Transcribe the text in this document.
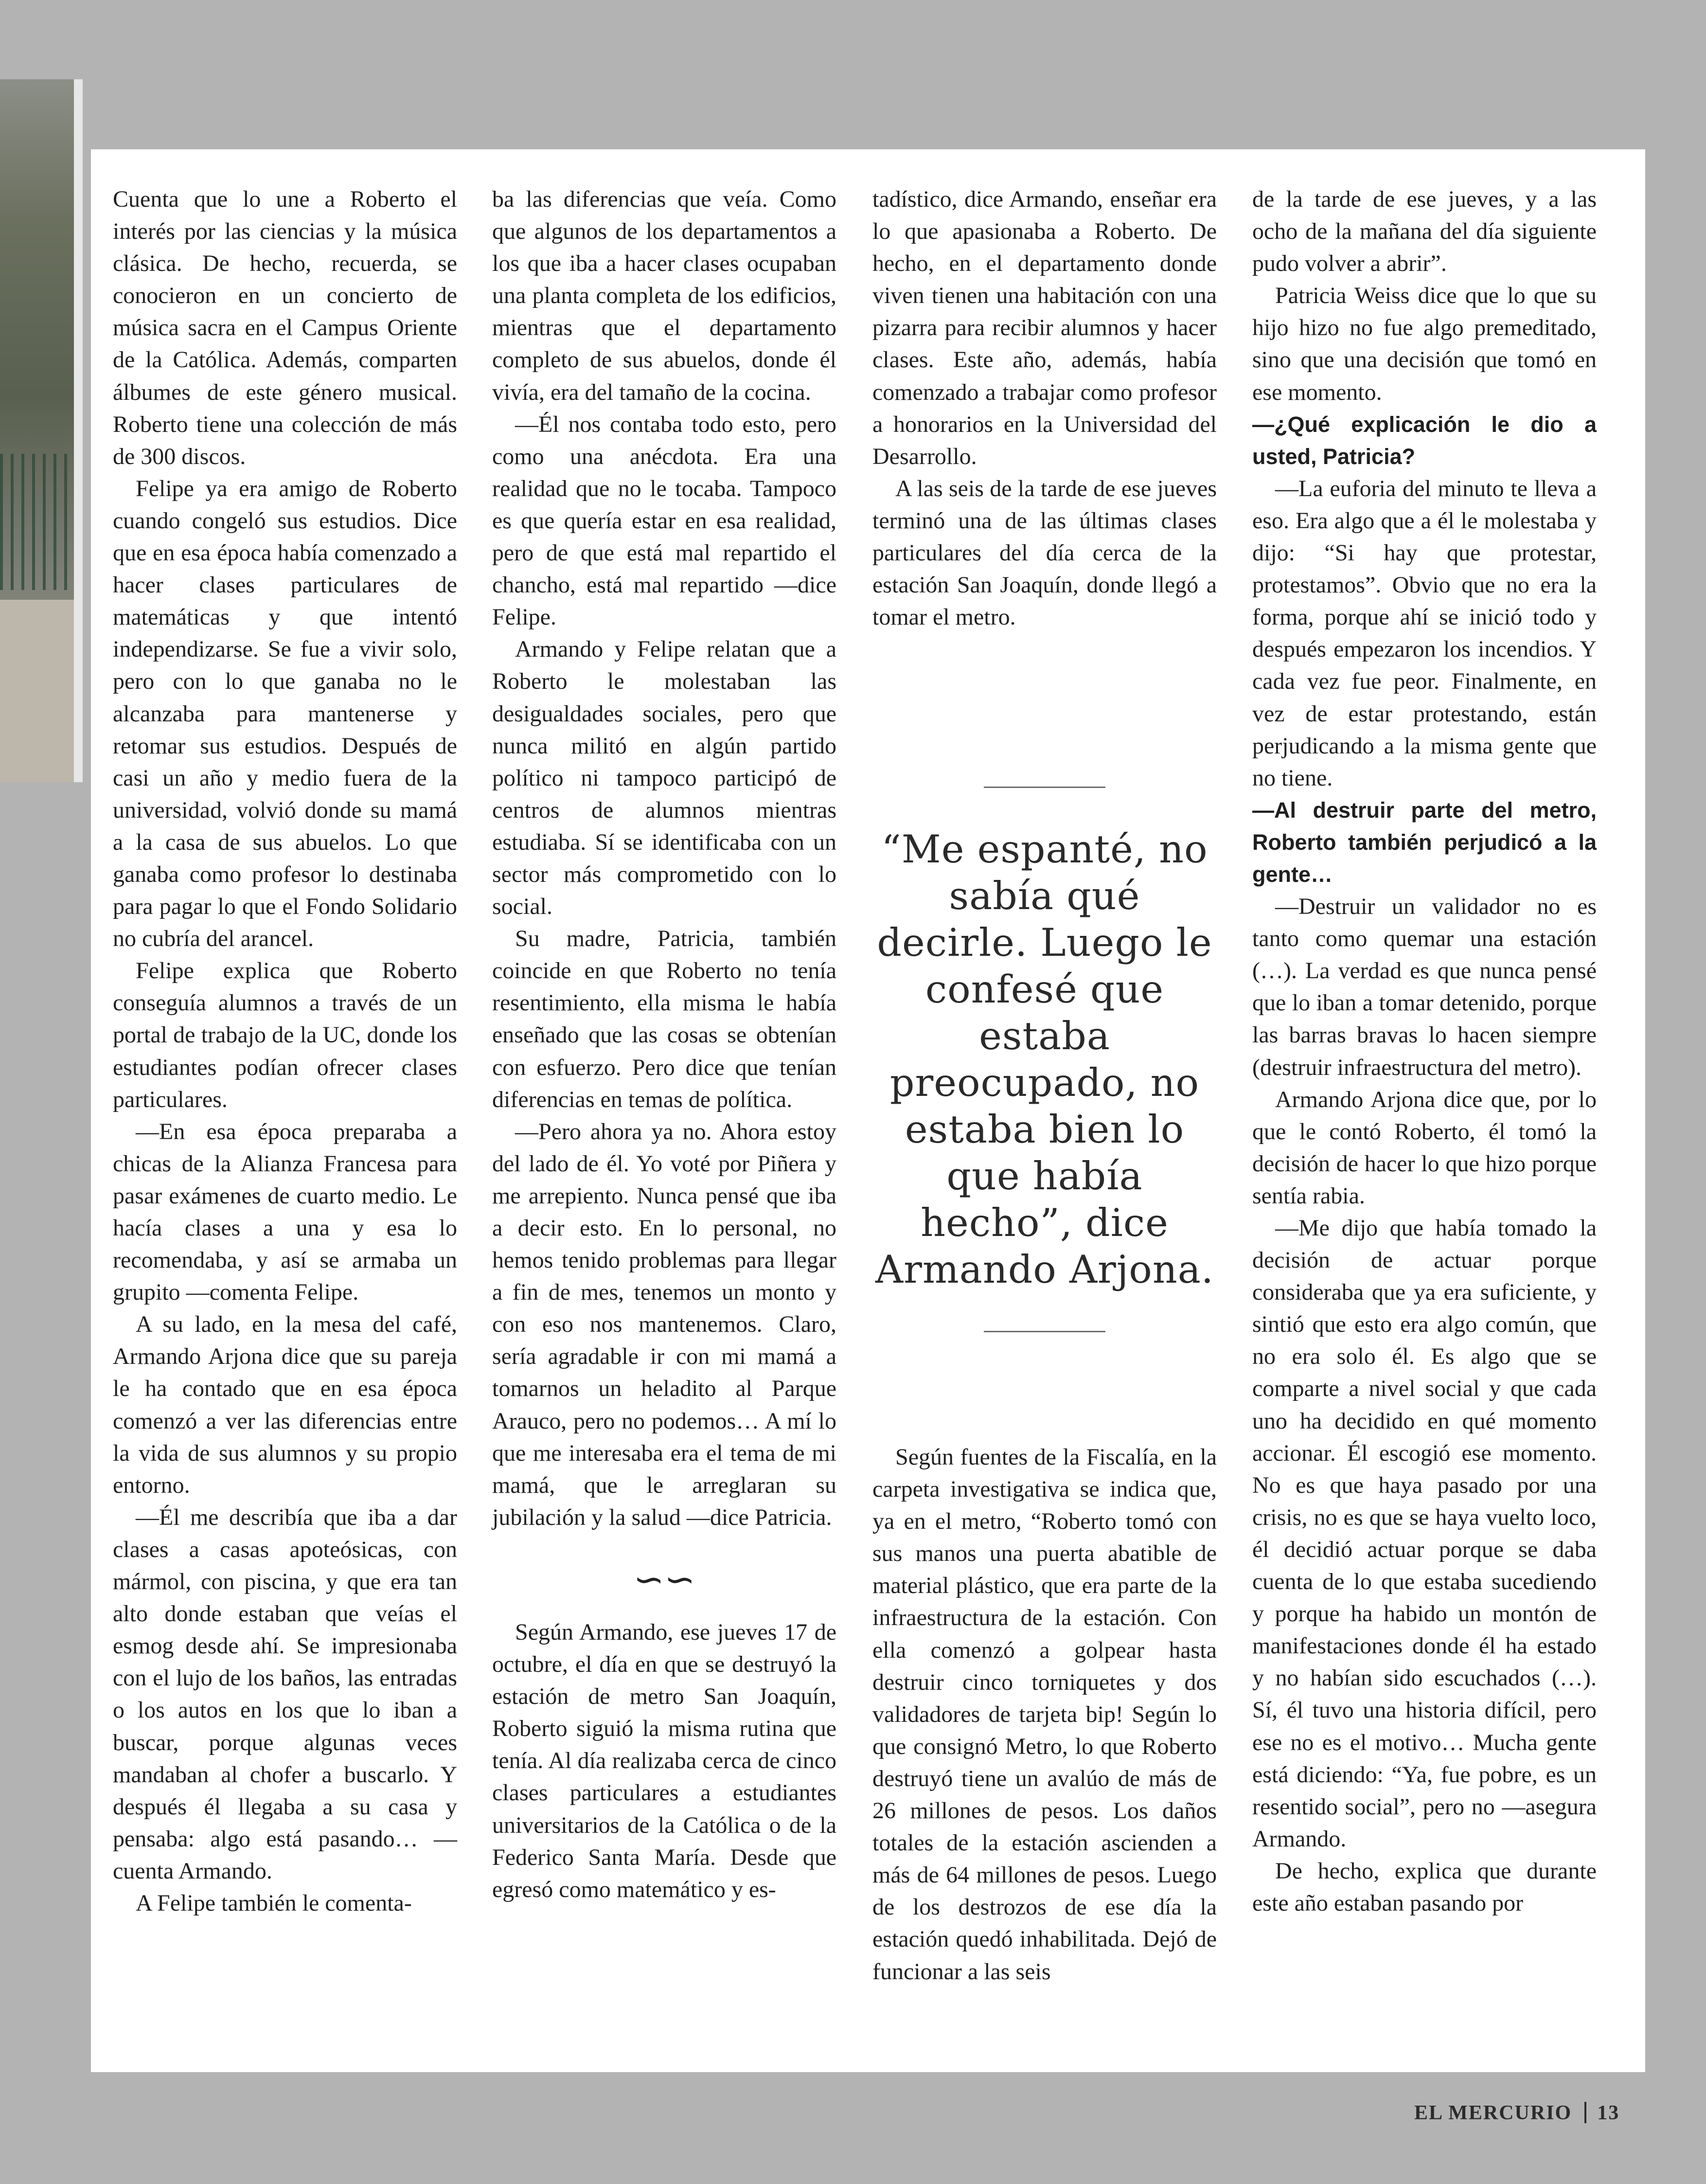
Cuenta que lo une a Roberto el interés por las ciencias y la música clásica. De hecho, recuerda, se conocieron en un concierto de música sacra en el Campus Oriente de la Católica. Además, comparten álbumes de este género musical. Roberto tiene una colección de más de 300 discos.

Felipe ya era amigo de Roberto cuando congeló sus estudios. Dice que en esa época había comenzado a hacer clases particulares de matemáticas y que intentó independizarse. Se fue a vivir solo, pero con lo que ganaba no le alcanzaba para mantenerse y retomar sus estudios. Después de casi un año y medio fuera de la universidad, volvió donde su mamá a la casa de sus abuelos. Lo que ganaba como profesor lo destinaba para pagar lo que el Fondo Solidario no cubría del arancel.

Felipe explica que Roberto conseguía alumnos a través de un portal de trabajo de la UC, donde los estudiantes podían ofrecer clases particulares.

—En esa época preparaba a chicas de la Alianza Francesa para pasar exámenes de cuarto medio. Le hacía clases a una y esa lo recomendaba, y así se armaba un grupito —comenta Felipe.

A su lado, en la mesa del café, Armando Arjona dice que su pareja le ha contado que en esa época comenzó a ver las diferencias entre la vida de sus alumnos y su propio entorno.

—Él me describía que iba a dar clases a casas apoteósicas, con mármol, con piscina, y que era tan alto donde estaban que veías el esmog desde ahí. Se impresionaba con el lujo de los baños, las entradas o los autos en los que lo iban a buscar, porque algunas veces mandaban al chofer a buscarlo. Y después él llegaba a su casa y pensaba: algo está pasando… —cuenta Armando.

A Felipe también le comenta-

ba las diferencias que veía. Como que algunos de los departamentos a los que iba a hacer clases ocupaban una planta completa de los edificios, mientras que el departamento completo de sus abuelos, donde él vivía, era del tamaño de la cocina.

—Él nos contaba todo esto, pero como una anécdota. Era una realidad que no le tocaba. Tampoco es que quería estar en esa realidad, pero de que está mal repartido el chancho, está mal repartido —dice Felipe.

Armando y Felipe relatan que a Roberto le molestaban las desigualdades sociales, pero que nunca militó en algún partido político ni tampoco participó de centros de alumnos mientras estudiaba. Sí se identificaba con un sector más comprometido con lo social.

Su madre, Patricia, también coincide en que Roberto no tenía resentimiento, ella misma le había enseñado que las cosas se obtenían con esfuerzo. Pero dice que tenían diferencias en temas de política.

—Pero ahora ya no. Ahora estoy del lado de él. Yo voté por Piñera y me arrepiento. Nunca pensé que iba a decir esto. En lo personal, no hemos tenido problemas para llegar a fin de mes, tenemos un monto y con eso nos mantenemos. Claro, sería agradable ir con mi mamá a tomarnos un heladito al Parque Arauco, pero no podemos… A mí lo que me interesaba era el tema de mi mamá, que le arreglaran su jubilación y la salud —dice Patricia.

∽∽

Según Armando, ese jueves 17 de octubre, el día en que se destruyó la estación de metro San Joaquín, Roberto siguió la misma rutina que tenía. Al día realizaba cerca de cinco clases particulares a estudiantes universitarios de la Católica o de la Federico Santa María. Desde que egresó como matemático y es-

tadístico, dice Armando, enseñar era lo que apasionaba a Roberto. De hecho, en el departamento donde viven tienen una habitación con una pizarra para recibir alumnos y hacer clases. Este año, además, había comenzado a trabajar como profesor a honorarios en la Universidad del Desarrollo.

A las seis de la tarde de ese jueves terminó una de las últimas clases particulares del día cerca de la estación San Joaquín, donde llegó a tomar el metro.

“Me espanté, no sabía qué decirle. Luego le confesé que estaba preocupado, no estaba bien lo que había hecho”, dice Armando Arjona.

Según fuentes de la Fiscalía, en la carpeta investigativa se indica que, ya en el metro, “Roberto tomó con sus manos una puerta abatible de material plástico, que era parte de la infraestructura de la estación. Con ella comenzó a golpear hasta destruir cinco torniquetes y dos validadores de tarjeta bip! Según lo que consignó Metro, lo que Roberto destruyó tiene un avalúo de más de 26 millones de pesos. Los daños totales de la estación ascienden a más de 64 millones de pesos. Luego de los destrozos de ese día la estación quedó inhabilitada. Dejó de funcionar a las seis

de la tarde de ese jueves, y a las ocho de la mañana del día siguiente pudo volver a abrir”.

Patricia Weiss dice que lo que su hijo hizo no fue algo premeditado, sino que una decisión que tomó en ese momento.

—¿Qué explicación le dio a usted, Patricia?

—La euforia del minuto te lleva a eso. Era algo que a él le molestaba y dijo: “Si hay que protestar, protestamos”. Obvio que no era la forma, porque ahí se inició todo y después empezaron los incendios. Y cada vez fue peor. Finalmente, en vez de estar protestando, están perjudicando a la misma gente que no tiene.

—Al destruir parte del metro, Roberto también perjudicó a la gente…

—Destruir un validador no es tanto como quemar una estación (…). La verdad es que nunca pensé que lo iban a tomar detenido, porque las barras bravas lo hacen siempre (destruir infraestructura del metro).

Armando Arjona dice que, por lo que le contó Roberto, él tomó la decisión de hacer lo que hizo porque sentía rabia.

—Me dijo que había tomado la decisión de actuar porque consideraba que ya era suficiente, y sintió que esto era algo común, que no era solo él. Es algo que se comparte a nivel social y que cada uno ha decidido en qué momento accionar. Él escogió ese momento. No es que haya pasado por una crisis, no es que se haya vuelto loco, él decidió actuar porque se daba cuenta de lo que estaba sucediendo y porque ha habido un montón de manifestaciones donde él ha estado y no habían sido escuchados (…). Sí, él tuvo una historia difícil, pero ese no es el motivo… Mucha gente está diciendo: “Ya, fue pobre, es un resentido social”, pero no —asegura Armando.

De hecho, explica que durante este año estaban pasando por

EL MERCURIO 13
